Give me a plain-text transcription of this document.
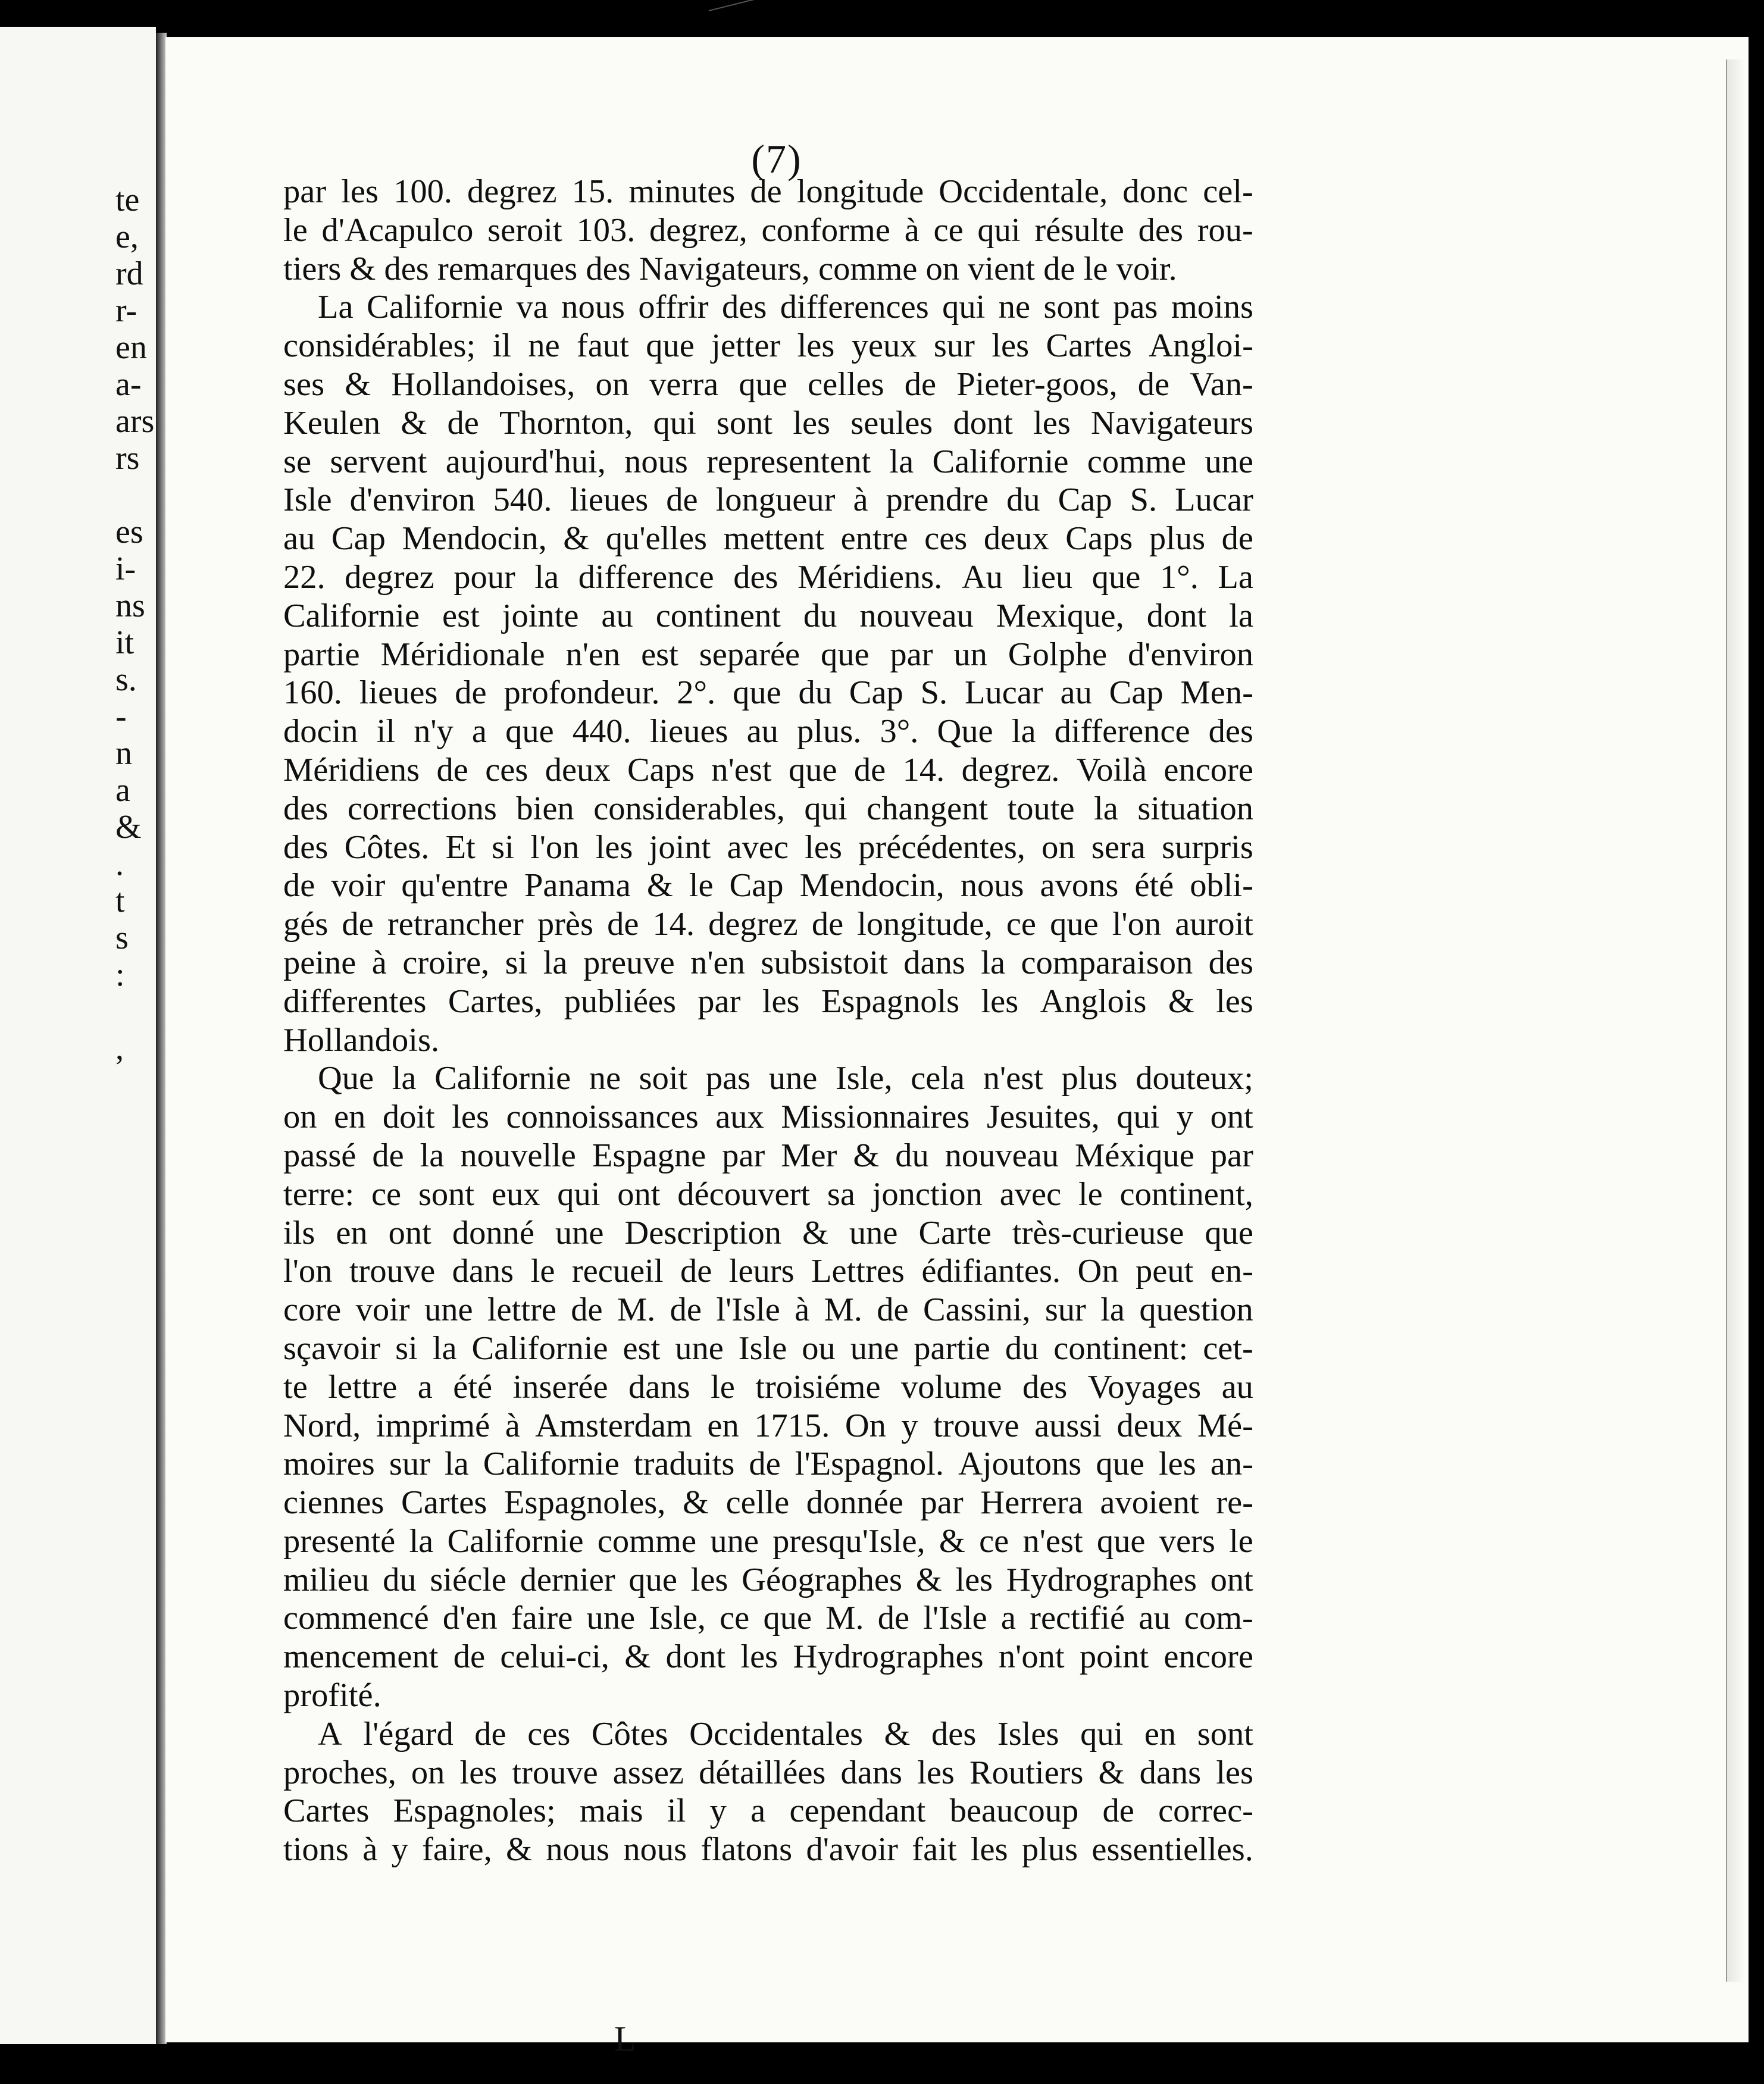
te
e,
rd
r-
en
a-
ars
rs
es
i-
ns
it
s.
-
n
a
&
.
t
s
:
,
(7)
par les 100. degrez 15. minutes de longitude Occidentale, donc cel-
le d'Acapulco seroit 103. degrez, conforme à ce qui résulte des rou-
tiers & des remarques des Navigateurs, comme on vient de le voir.
La Californie va nous offrir des differences qui ne sont pas moins
considérables; il ne faut que jetter les yeux sur les Cartes Angloi-
ses & Hollandoises, on verra que celles de Pieter-goos, de Van-
Keulen & de Thornton, qui sont les seules dont les Navigateurs
se servent aujourd'hui, nous representent la Californie comme une
Isle d'environ 540. lieues de longueur à prendre du Cap S. Lucar
au Cap Mendocin, & qu'elles mettent entre ces deux Caps plus de
22. degrez pour la difference des Méridiens. Au lieu que 1°. La
Californie est jointe au continent du nouveau Mexique, dont la
partie Méridionale n'en est separée que par un Golphe d'environ
160. lieues de profondeur. 2°. que du Cap S. Lucar au Cap Men-
docin il n'y a que 440. lieues au plus. 3°. Que la difference des
Méridiens de ces deux Caps n'est que de 14. degrez. Voilà encore
des corrections bien considerables, qui changent toute la situation
des Côtes. Et si l'on les joint avec les précédentes, on sera surpris
de voir qu'entre Panama & le Cap Mendocin, nous avons été obli-
gés de retrancher près de 14. degrez de longitude, ce que l'on auroit
peine à croire, si la preuve n'en subsistoit dans la comparaison des
differentes Cartes, publiées par les Espagnols les Anglois & les
Hollandois.
Que la Californie ne soit pas une Isle, cela n'est plus douteux;
on en doit les connoissances aux Missionnaires Jesuites, qui y ont
passé de la nouvelle Espagne par Mer & du nouveau Méxique par
terre: ce sont eux qui ont découvert sa jonction avec le continent,
ils en ont donné une Description & une Carte très-curieuse que
l'on trouve dans le recueil de leurs Lettres édifiantes. On peut en-
core voir une lettre de M. de l'Isle à M. de Cassini, sur la question
sçavoir si la Californie est une Isle ou une partie du continent: cet-
te lettre a été inserée dans le troisiéme volume des Voyages au
Nord, imprimé à Amsterdam en 1715. On y trouve aussi deux Mé-
moires sur la Californie traduits de l'Espagnol. Ajoutons que les an-
ciennes Cartes Espagnoles, & celle donnée par Herrera avoient re-
presenté la Californie comme une presqu'Isle, & ce n'est que vers le
milieu du siécle dernier que les Géographes & les Hydrographes ont
commencé d'en faire une Isle, ce que M. de l'Isle a rectifié au com-
mencement de celui-ci, & dont les Hydrographes n'ont point encore
profité.
A l'égard de ces Côtes Occidentales & des Isles qui en sont
proches, on les trouve assez détaillées dans les Routiers & dans les
Cartes Espagnoles; mais il y a cependant beaucoup de correc-
tions à y faire, & nous nous flatons d'avoir fait les plus essentielles.
L
